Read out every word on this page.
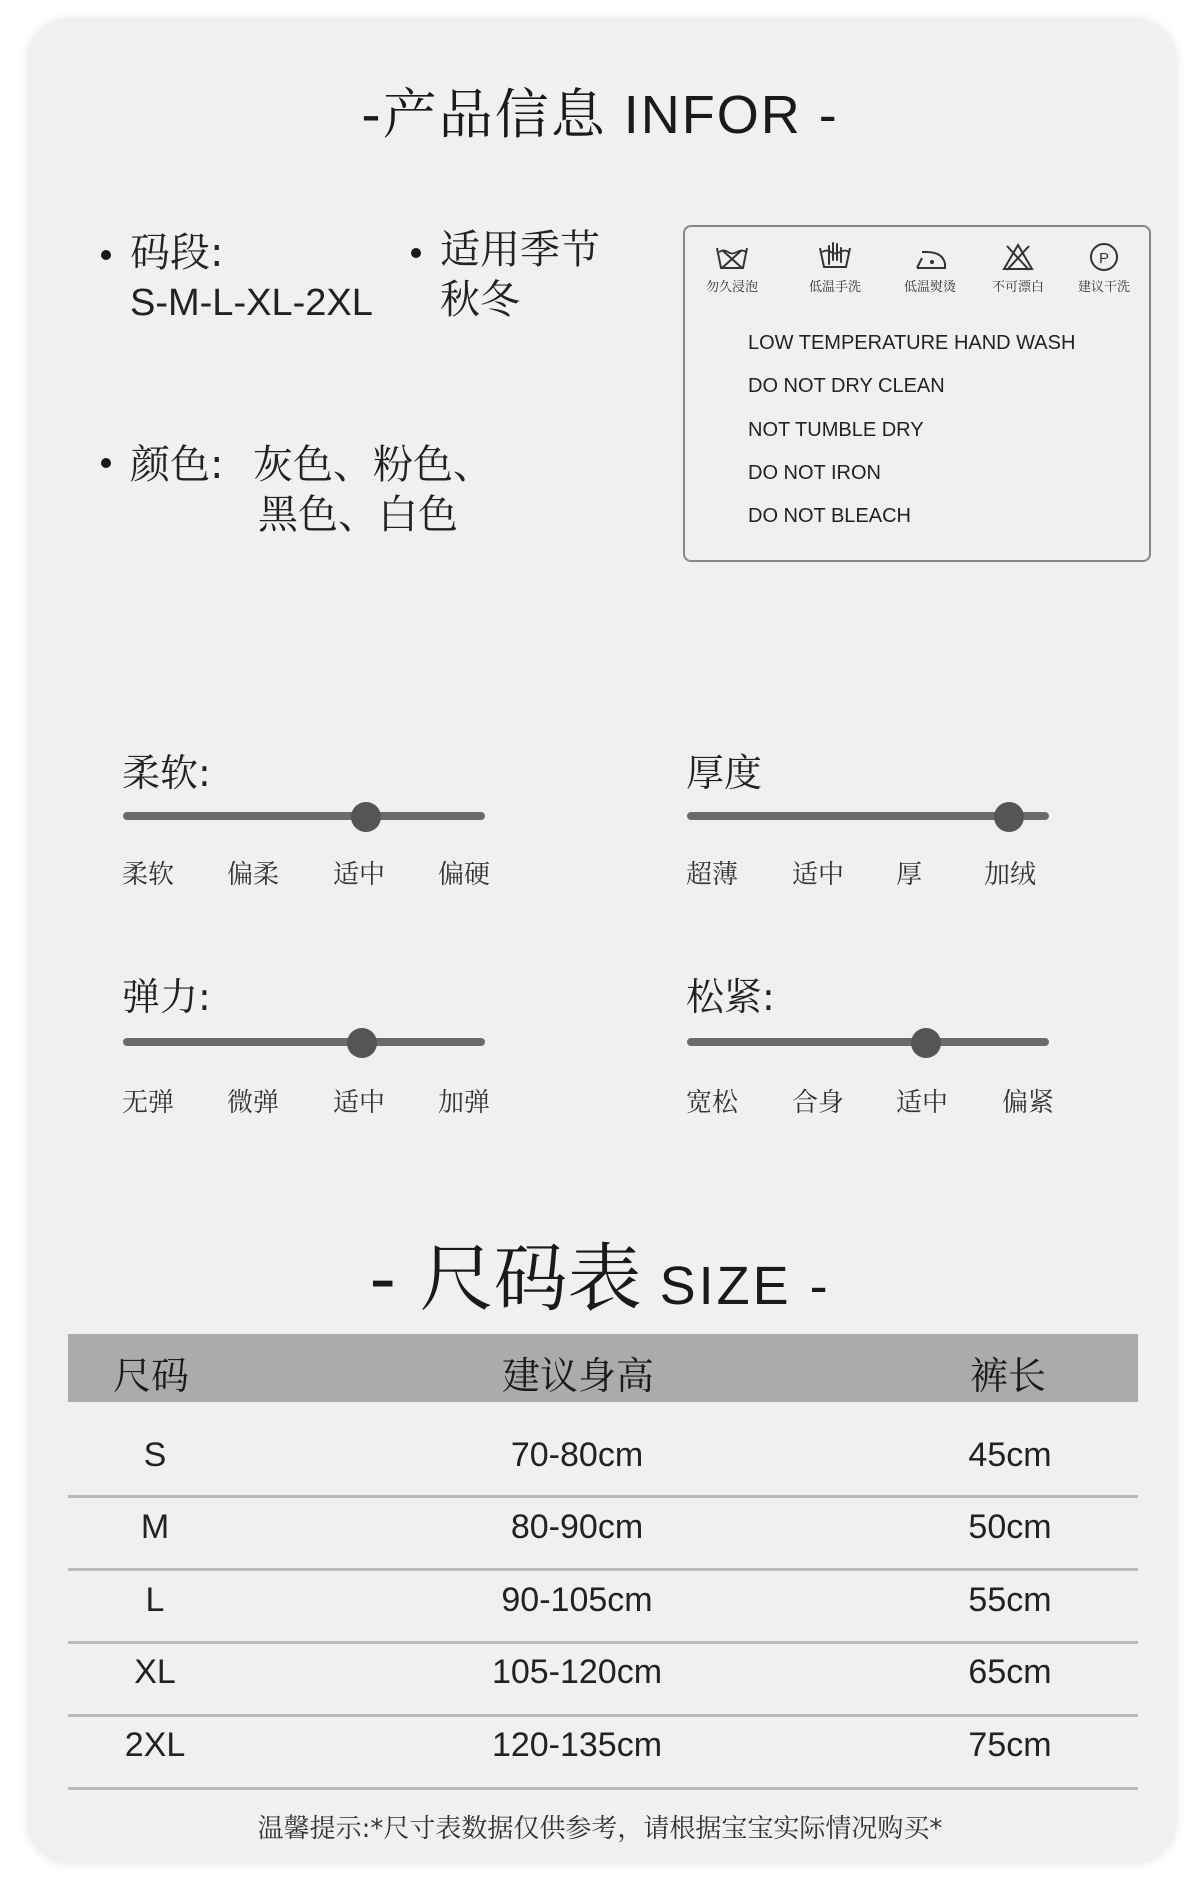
-产品信息 INFOR -
码段:
S-M-L-XL-2XL
适用季节
秋冬
颜色: 灰色、粉色、
黑色、白色
勿久浸泡	低温手洗	低温熨烫	不可漂白
P
建议干洗
LOW TEMPERATURE HAND WASH
DO NOT DRY CLEAN
NOT TUMBLE DRY
DO NOT IRON
DO NOT BLEACH
柔软:
柔软 偏柔 适中 偏硬
厚度
超薄 适中 厚 加绒
弹力:
无弹 微弹 适中 加弹
松紧:
宽松 合身 适中 偏紧
- 尺码表 SIZE -
尺码	建议身高	裤长
S	70-80cm	45cm
M	80-90cm	50cm
L	90-105cm	55cm
XL	105-120cm	65cm
2XL	120-135cm	75cm
温馨提示:*尺寸表数据仅供参考，请根据宝宝实际情况购买*
